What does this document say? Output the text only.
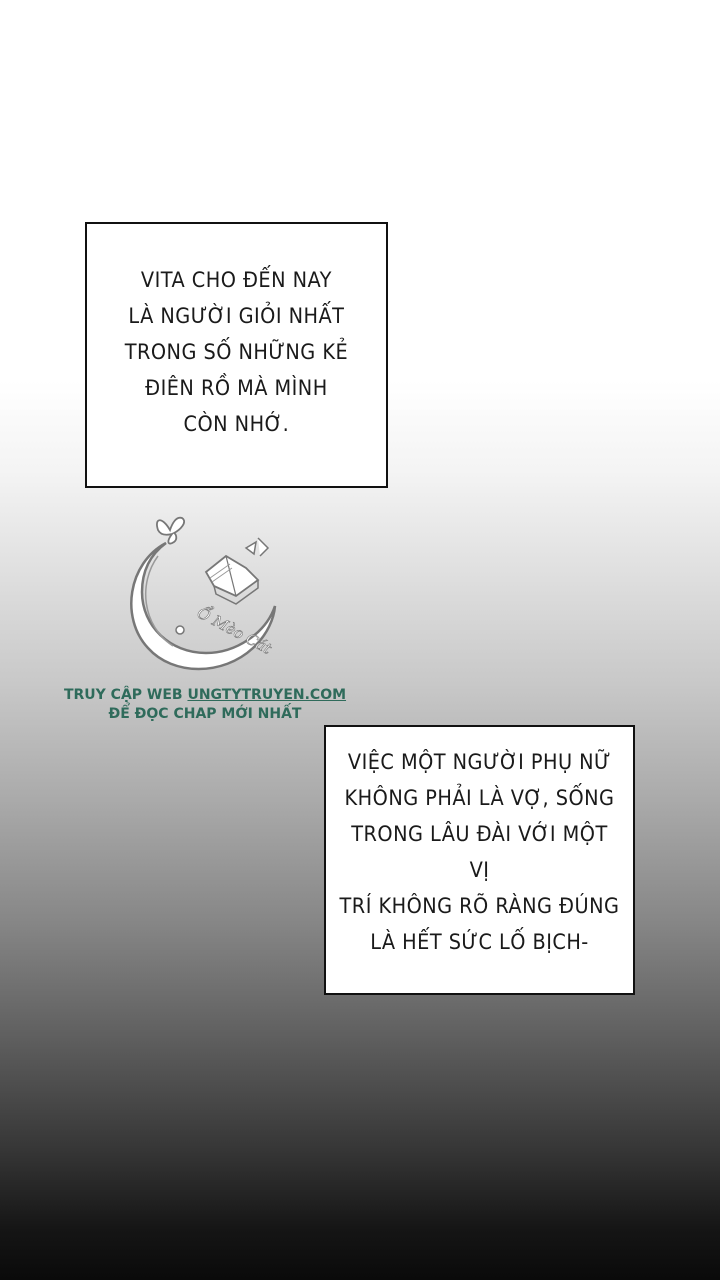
VITA CHO ĐẾN NAY
LÀ NGƯỜI GIỎI NHẤT
TRONG SỐ NHỮNG KẺ
ĐIÊN RỒ MÀ MÌNH
CÒN NHỚ.
Ổ Mèo Cát
TRUY CẬP WEB UNGTYTRUYEN.COM
ĐỂ ĐỌC CHAP MỚI NHẤT
VIỆC MỘT NGƯỜI PHỤ NỮ
KHÔNG PHẢI LÀ VỢ, SỐNG
TRONG LÂU ĐÀI VỚI MỘT VỊ
TRÍ KHÔNG RÕ RÀNG ĐÚNG
LÀ HẾT SỨC LỐ BỊCH-
